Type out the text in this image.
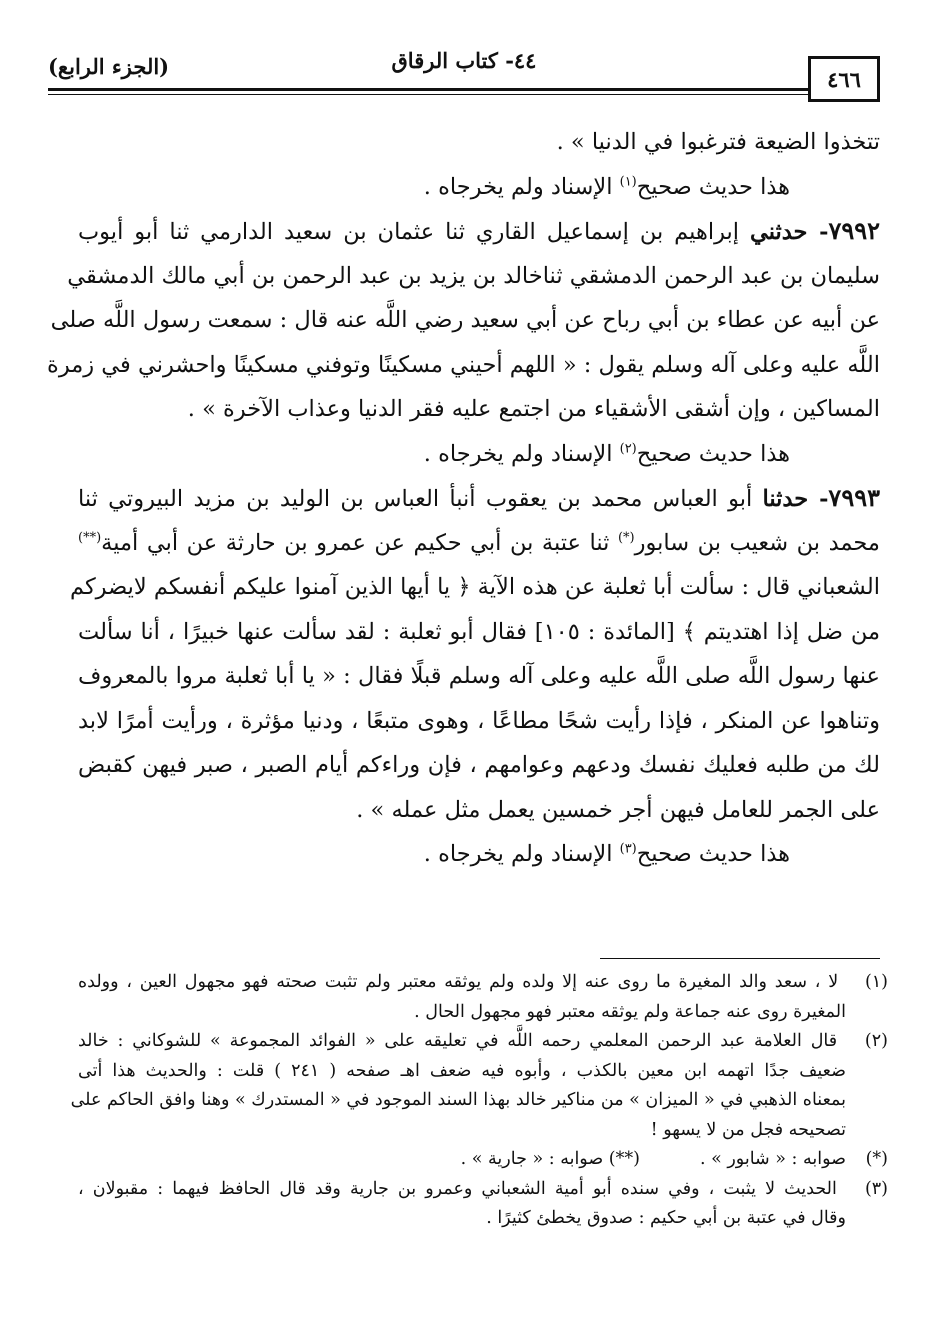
٤٦٦
٤٤- كتاب الرقاق
(الجزء الرابع)
تتخذوا الضيعة فترغبوا في الدنيا » .
هذا حديث صحيح$^{(١)}$ الإسناد ولم يخرجاه .
٧٩٩٢- حدثني إبراهيم بن إسماعيل القاري ثنا عثمان بن سعيد الدارمي ثنا أبو أيوب
سليمان بن عبد الرحمن الدمشقي ثناخالد بن يزيد بن عبد الرحمن بن أبي مالك الدمشقي
عن أبيه عن عطاء بن أبي رباح عن أبي سعيد رضي اللَّه عنه قال : سمعت رسول اللَّه صلى
اللَّه عليه وعلى آله وسلم يقول : « اللهم أحيني مسكينًا وتوفني مسكينًا واحشرني في زمرة
المساكين ، وإن أشقى الأشقياء من اجتمع عليه فقر الدنيا وعذاب الآخرة » .
هذا حديث صحيح$^{(٢)}$ الإسناد ولم يخرجاه .
٧٩٩٣- حدثنا أبو العباس محمد بن يعقوب أنبأ العباس بن الوليد بن مزيد البيروتي ثنا
محمد بن شعيب بن سابور(*) ثنا عتبة بن أبي حكيم عن عمرو بن حارثة عن أبي أمية(**)
الشعباني قال : سألت أبا ثعلبة عن هذه الآية ﴿ يا أيها الذين آمنوا عليكم أنفسكم لايضركم
من ضل إذا اهتديتم ﴾ [المائدة : ١٠٥] فقال أبو ثعلبة : لقد سألت عنها خبيرًا ، أنا سألت
عنها رسول اللَّه صلى اللَّه عليه وعلى آله وسلم قبلًا فقال : « يا أبا ثعلبة مروا بالمعروف
وتناهوا عن المنكر ، فإذا رأيت شحًا مطاعًا ، وهوى متبعًا ، ودنيا مؤثرة ، ورأيت أمرًا لابد
لك من طلبه فعليك نفسك ودعهم وعوامهم ، فإن وراءكم أيام الصبر ، صبر فيهن كقبض
على الجمر للعامل فيهن أجر خمسين يعمل مثل عمله » .
هذا حديث صحيح$^{(٣)}$ الإسناد ولم يخرجاه .
(١) لا ، سعد والد المغيرة ما روى عنه إلا ولده ولم يوثقه معتبر ولم تثبت صحته فهو مجهول العين ، وولده
المغيرة روى عنه جماعة ولم يوثقه معتبر فهو مجهول الحال .
(٢) قال العلامة عبد الرحمن المعلمي رحمه اللَّه في تعليقه على « الفوائد المجموعة » للشوكاني : خالد
ضعيف جدًا اتهمه ابن معين بالكذب ، وأبوه فيه ضعف اهـ صفحه ( ٢٤١ ) قلت : والحديث هذا أتى
بمعناه الذهبي في « الميزان » من مناكير خالد بهذا السند الموجود في « المستدرك » وهنا وافق الحاكم على
تصحيحه فجل من لا يسهو !
(*)صوابه : « شابور » .(**) صوابه : « جارية » .
(٣) الحديث لا يثبت ، وفي سنده أبو أمية الشعباني وعمرو بن جارية وقد قال الحافظ فيهما : مقبولان ،
وقال في عتبة بن أبي حكيم : صدوق يخطئ كثيرًا .
